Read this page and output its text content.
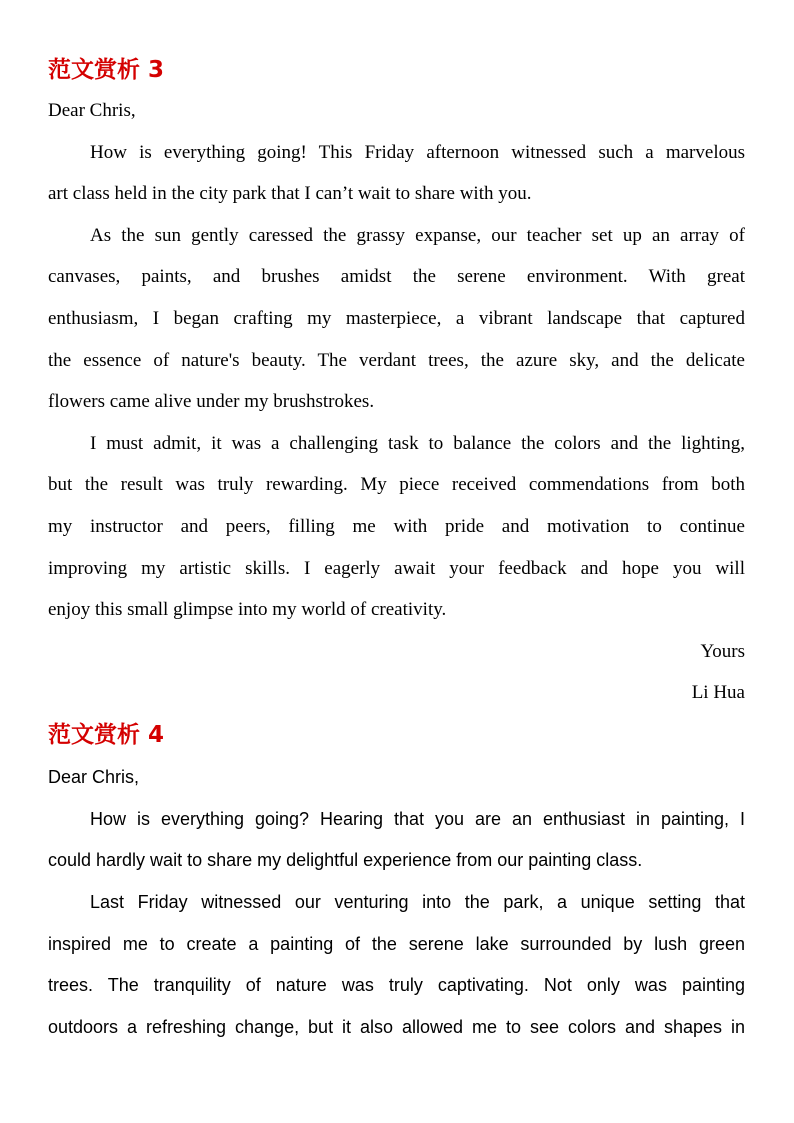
范文赏析 3
Dear Chris,
How is everything going! This Friday afternoon witnessed such a marvelous
art class held in the city park that I can’t wait to share with you.
As the sun gently caressed the grassy expanse, our teacher set up an array of
canvases, paints, and brushes amidst the serene environment. With great
enthusiasm, I began crafting my masterpiece, a vibrant landscape that captured
the essence of nature's beauty. The verdant trees, the azure sky, and the delicate
flowers came alive under my brushstrokes.
I must admit, it was a challenging task to balance the colors and the lighting,
but the result was truly rewarding. My piece received commendations from both
my instructor and peers, filling me with pride and motivation to continue
improving my artistic skills. I eagerly await your feedback and hope you will
enjoy this small glimpse into my world of creativity.
Yours
Li Hua
范文赏析 4
Dear Chris,
How is everything going? Hearing that you are an enthusiast in painting, I
could hardly wait to share my delightful experience from our painting class.
Last Friday witnessed our venturing into the park, a unique setting that
inspired me to create a painting of the serene lake surrounded by lush green
trees. The tranquility of nature was truly captivating. Not only was painting
outdoors a refreshing change, but it also allowed me to see colors and shapes in
